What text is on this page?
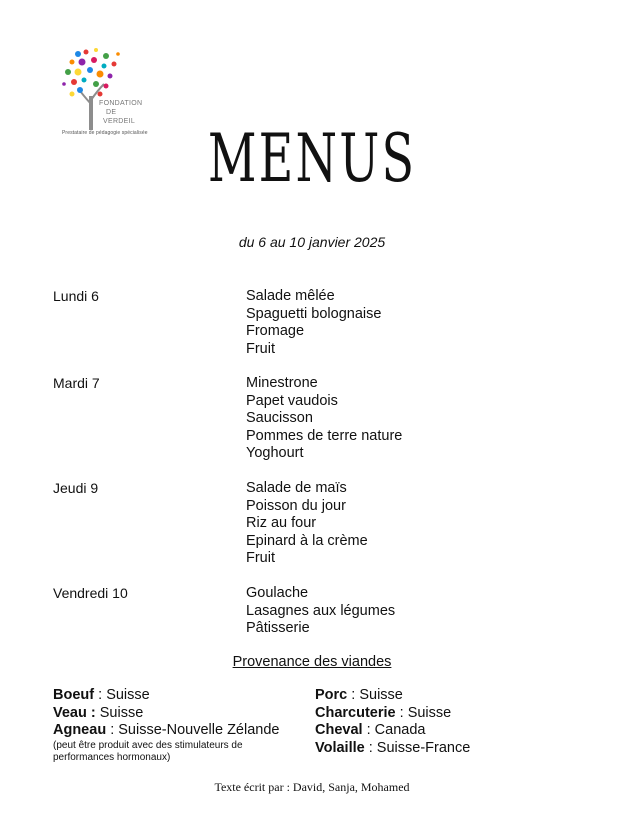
FONDATION
DE
VERDEIL
Prestataire de pédagogie spécialisée MENUS
du 6 au 10 janvier 2025
Lundi 6	Salade mêlée
Spaguetti bolognaise
Fromage
Fruit
Mardi 7	Minestrone
Papet vaudois
Saucisson
Pommes de terre nature
Yoghourt
Jeudi 9	Salade de maïs
Poisson du jour
Riz au four
Epinard à la crème
Fruit
Vendredi 10	Goulache
Lasagnes aux légumes
Pâtisserie
Provenance des viandes
Boeuf : Suisse
Veau : Suisse
Agneau : Suisse-Nouvelle Zélande
(peut être produit avec des stimulateurs de
performances hormonaux)
Porc : Suisse
Charcuterie : Suisse
Cheval : Canada
Volaille : Suisse-France
Texte écrit par : David, Sanja, Mohamed
